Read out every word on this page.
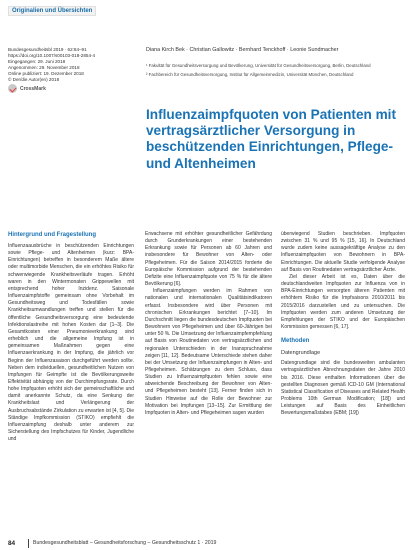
Originalien und Übersichten
Bundesgesundheitsbl 2019 · 62:84–91
https://doi.org/10.1007/s00103-018-2854-4
Eingegangen: 29. Juni 2018
Angenommen: 29. November 2018
Online publiziert: 19. Dezember 2018
© Der/die Autor(en) 2018
CrossMark
Diana Kirch Bek · Christian Gallowitz · Bernhard Tenckhoff · Leonie Sundmacher

¹ Fakultät für Gesundheitsversorgung und Bevölkerung, Universität für Gesundheitsversorgung, Berlin, Deutschland

² Fachbereich für Gesundheitsversorgung, Institut für Allgemeinmedizin, Universität München, Deutschland

Influenzaimpfquoten von Patienten mit vertragsärztlicher Versorgung in beschützenden Einrichtungen, Pflege- und Altenheimen
Hintergrund und Fragestellung

Influenzaausbrüche in beschützenden Einrichtungen sowie Pflege- und Altenheimen (kurz: BPA-Einrichtungen) betreffen in besonderem Maße ältere oder multimorbide Menschen, die ein erhöhtes Risiko für schwerwiegende Krankheitsverläufe tragen. Erhöht waren in den Wintermonaten Grippewellen mit entsprechend hoher Inzidenz. Saisonale Influenzaimpfstoffe gemeinsam ohne Vorbehalt im Gesundheitsweg und Todesfällen sowie Krankheitsumwandlungen treffen und stellen für die öffentliche Gesundheitsversorgung eine bedeutende Infektionslastreihe mit hohen Kosten dar [1–3]. Die Gesamtkosten einer Pneumonieerkrankung sind erheblich und die allgemeine Impfung ist in gemeinsamen Maßnahmen gegen eine Influenzaerkrankung in der Impfung, die jährlich vor Beginn der Influenzasaison durchgeführt werden sollte. Neben dem individuellen, gesundheitlichen Nutzen von Impfungen für Geimpfte ist die Bevölkerungsweite Effektivität abhängig von der Durchimpfungsrate. Durch hohe Impfquoten erhöht sich der gemeinschaftliche und damit anerkannte Schutz, da eine Senkung der Krankheitslast und Verlängerung der Ausbruchsabstände Zirkulation zu erwarten ist [4, 5]. Die Ständige Impfkommission (STIKO) empfiehlt die Influenzaimpfung deshalb unter anderem zur Sicherstellung des Impfschutzes für Kinder, Jugendliche und

Erwachsene mit erhöhter gesundheitlicher Gefährdung durch Grunderkrankungen einer bestehenden Erkrankung sowie für Personen ab 60 Jahren und insbesondere für Bewohner von Alten- oder Pflegeheimen. Für die Saison 2014/2015 forderte die Europäische Kommission aufgrund der bestehenden Defizite eine Influenzaimpfquote von 75 % für die ältere Bevölkerung [6].

Influenzaimpfungen werden im Rahmen von nationalen und internationalen Qualitätsindikatoren erfasst. Insbesondere wird über Personen mit chronischen Erkrankungen berichtet [7–10]. Im Durchschnitt liegen die bundesdeutschen Impfquoten bei Bewohnern von Pflegeheimen und über 60-Jährigen bei unter 50 %. Die Umsetzung der Influenzaimpfempfehlung auf Basis von Routinedaten von vertragsärztlichen und regionalen Unterschieden in der Inanspruchnahme zeigen [11, 12]. Bedeutsame Unterschiede stehen daher bei der Umsetzung der Influenzaimpfungen in Alten- und Pflegeheimen. Schätzungen zu dem Schluss, dass Studien zu Influenzaimpfquoten fehlen sowie eine abweichende Beschreibung der Bewohner von Alten- und Pflegeheimen besteht [13]. Ferner finden sich in Studien Hinweise auf die Rolle der Bewohner zur Motivation bei Impfungen [13–15]. Zur Ermittlung der Impfquoten in Alten- und Pflegeheimen sagen wurden

überwiegend Studien beschrieben. Impfquoten zwischen 31 % und 95 % [15, 16]. In Deutschland wurde zudem keine aussagekräftige Analyse zu den Influenzaimpfquoten von Bewohnern in BPA-Einrichtungen. Die aktuelle Studie verfolgende Analyse auf Basis von Routinedaten vertragsärztlicher Ärzte.

Ziel dieser Arbeit ist es, Daten über die deutschlandweiten Impfquoten zur Influenza von in BPA-Einrichtungen versorgten älteren Patienten mit erhöhtem Risiko für die Impfsaisons 2010/2011 bis 2015/2016 darzustellen und zu untersuchen. Die Impfquoten werden zum anderen Umsetzung der Empfehlungen der STIKO und der Europäischen Kommission gemessen [6, 17].

Methoden
Datengrundlage

Datengrundlage sind die bundesweiten ambulanten vertragsärztlichen Abrechnungsdaten der Jahre 2010 bis 2016. Diese enthalten Informationen über die gestellten Diagnosen gemäß ICD-10 GM (International Statistical Classification of Diseases and Related Health Problems 10th German Modification; [18]) und Leistungen auf Basis des Einheitlichen Bewertungsmaßstabes (EBM; [19])

84	Bundesgesundheitsblatt – Gesundheitsforschung – Gesundheitsschutz 1 · 2019
